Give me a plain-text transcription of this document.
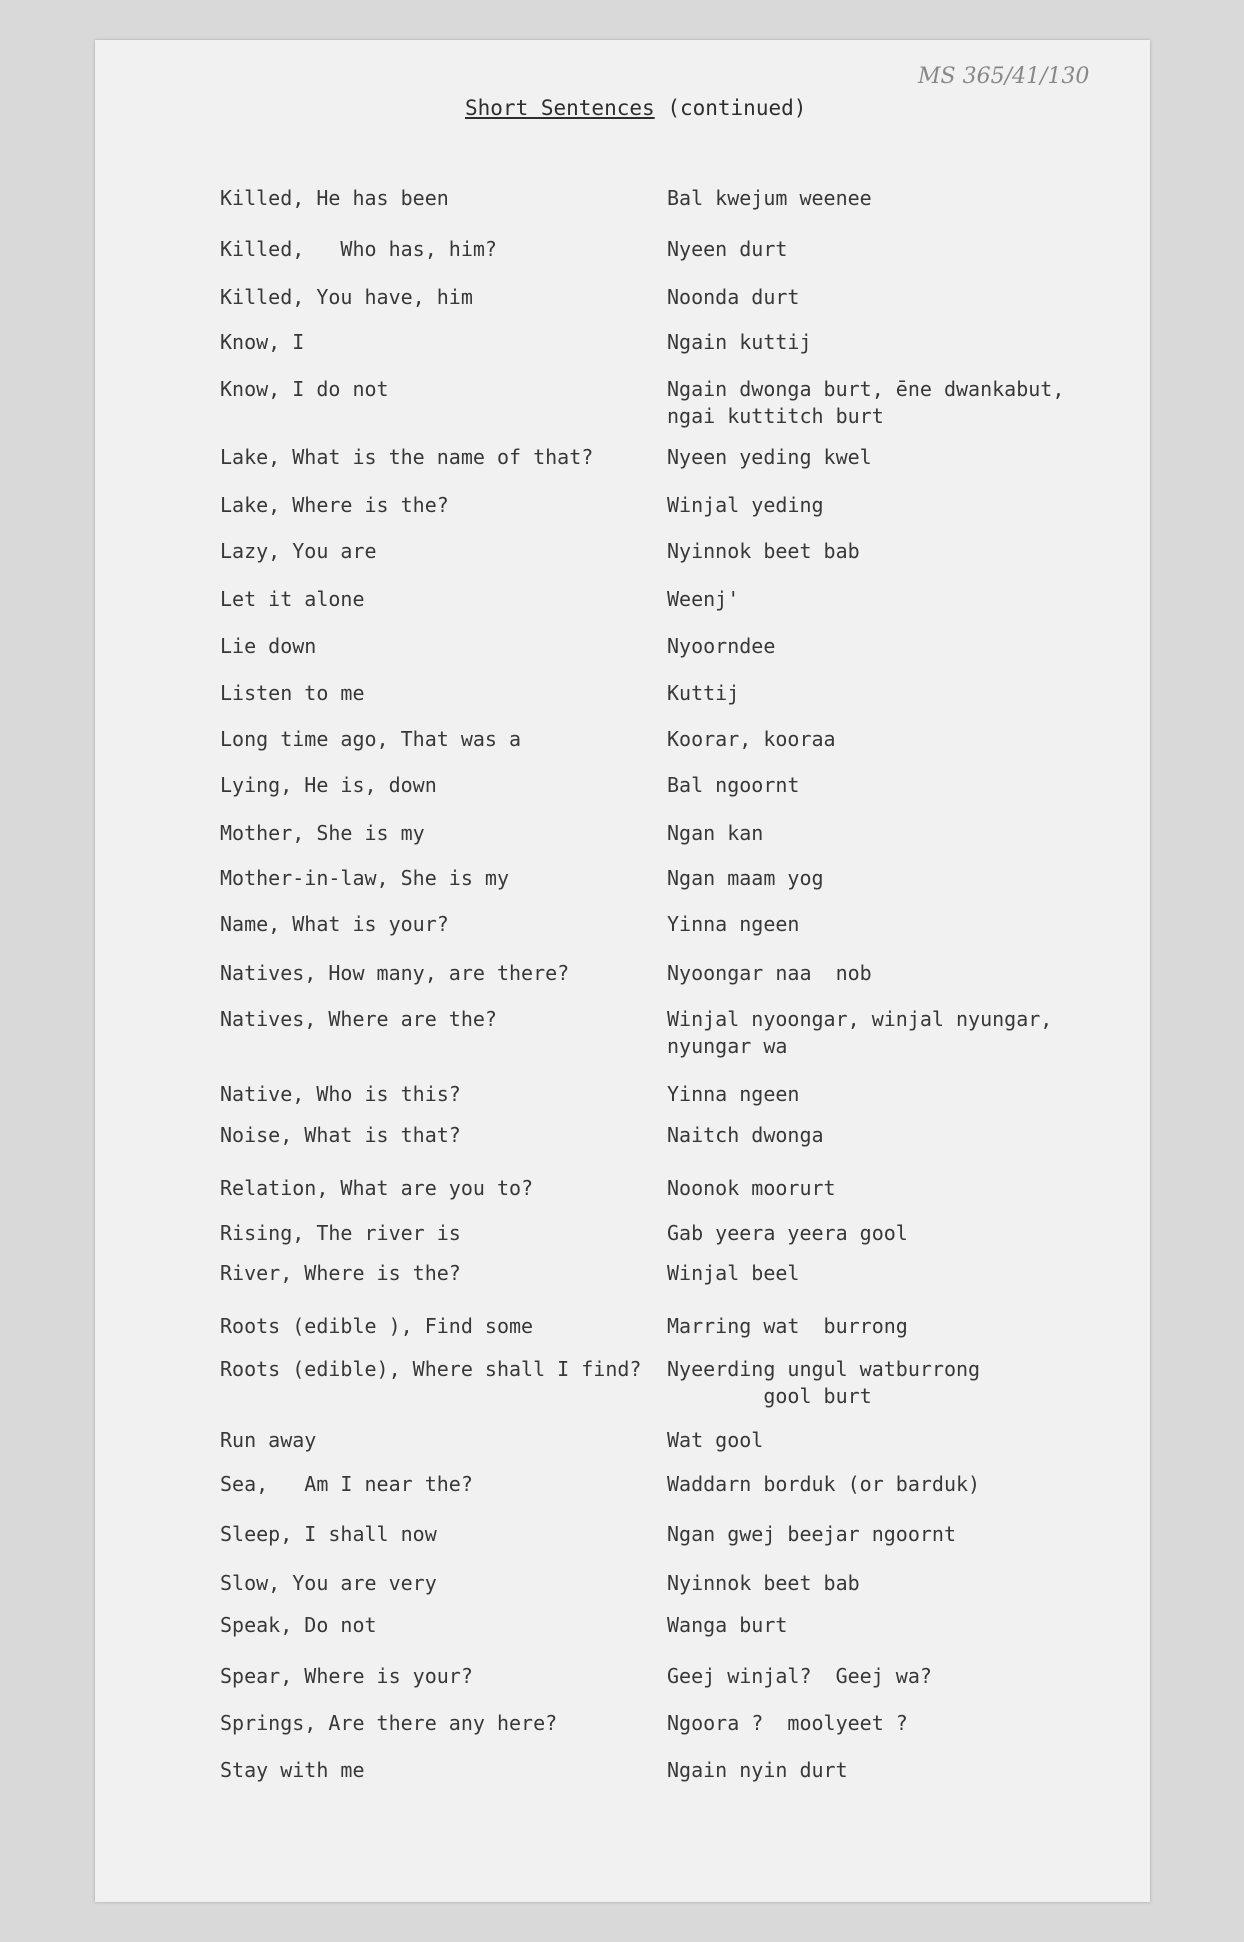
MS 365/41/130
Short Sentences (continued)
Killed, He has been	Bal kwejum weenee
Killed,   Who has, him?	Nyeen durt
Killed, You have, him	Noonda durt
Know, I	Ngain kuttij
Know, I do not	Ngain dwonga burt, ēne dwankabut,
ngai kuttitch burt
Lake, What is the name of that?	Nyeen yeding kwel
Lake, Where is the?	Winjal yeding
Lazy, You are	Nyinnok beet bab
Let it alone	Weenj'
Lie down	Nyoorndee
Listen to me	Kuttij
Long time ago, That was a	Koorar, kooraa
Lying, He is, down	Bal ngoornt
Mother, She is my	Ngan kan
Mother-in-law, She is my	Ngan maam yog
Name, What is your?	Yinna ngeen
Natives, How many, are there?	Nyoongar naa  nob
Natives, Where are the?	Winjal nyoongar, winjal nyungar,
nyungar wa
Native, Who is this?	Yinna ngeen
Noise, What is that?	Naitch dwonga
Relation, What are you to?	Noonok moorurt
Rising, The river is	Gab yeera yeera gool
River, Where is the?	Winjal beel
Roots (edible ), Find some	Marring wat  burrong
Roots (edible), Where shall I find? Nyeerding ungul watburrong
gool burt
Run away	Wat gool
Sea,   Am I near the?	Waddarn borduk (or barduk)
Sleep, I shall now	Ngan gwej beejar ngoornt
Slow, You are very	Nyinnok beet bab
Speak, Do not	Wanga burt
Spear, Where is your?	Geej winjal?  Geej wa?
Springs, Are there any here?	Ngoora ?  moolyeet ?
Stay with me	Ngain nyin durt
